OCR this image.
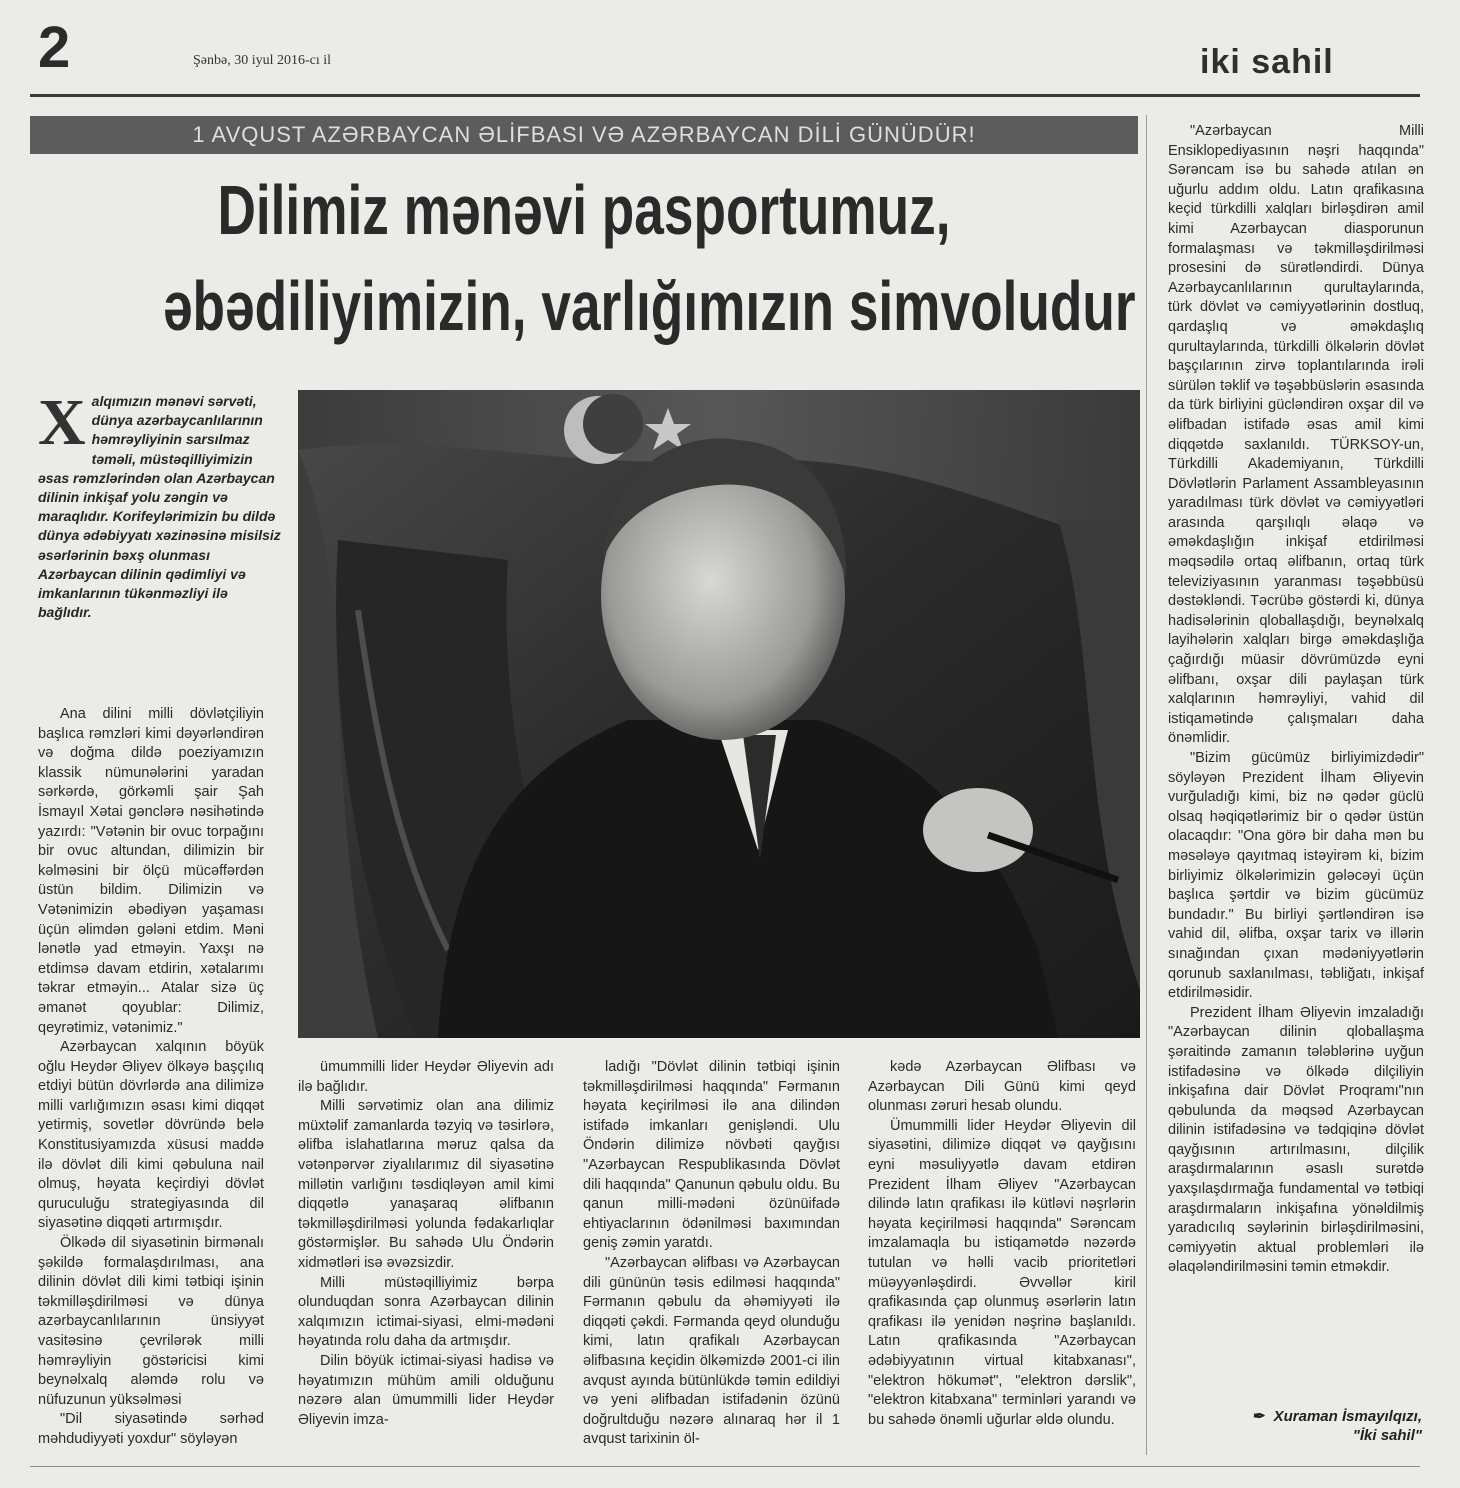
2	Şənbə, 30 iyul 2016-cı il	iki sahil
1 AVQUST AZƏRBAYCAN ƏLİFBASI VƏ AZƏRBAYCAN DİLİ GÜNÜDÜR!
Dilimiz mənəvi pasportumuz,
əbədiliyimizin, varlığımızın simvoludur
Xalqımızın mənəvi sərvəti, dünya azərbaycanlılarının həmrəyliyinin sarsılmaz təməli, müstəqilliyimizin əsas rəmzlərindən olan Azərbaycan dilinin inkişaf yolu zəngin və maraqlıdır. Korifeylərimizin bu dildə dünya ədəbiyyatı xəzinəsinə misilsiz əsərlərinin bəxş olunması Azərbaycan dilinin qədimliyi və imkanlarının tükənməzliyi ilə bağlıdır.

Ana dilini milli dövlətçiliyin başlıca rəmzləri kimi dəyərləndirən və doğma dildə poeziyamızın klassik nümunələrini yaradan sərkərdə, görkəmli şair Şah İsmayıl Xətai gənclərə nəsihətində yazırdı: "Vətənin bir ovuc torpağını bir ovuc altundan, dilimizin bir kəlməsini bir ölçü mücəffərdən üstün bildim. Dilimizin və Vətənimizin əbədiyən yaşaması üçün əlimdən gələni etdim. Məni lənətlə yad etməyin. Yaxşı nə etdimsə davam etdirin, xətalarımı təkrar etməyin... Atalar sizə üç əmanət qoyublar: Dilimiz, qeyrətimiz, vətənimiz."

Azərbaycan xalqının böyük oğlu Heydər Əliyev ölkəyə başçılıq etdiyi bütün dövrlərdə ana dilimizə milli varlığımızın əsası kimi diqqət yetirmiş, sovetlər dövründə belə Konstitusiyamızda xüsusi maddə ilə dövlət dili kimi qəbuluna nail olmuş, həyata keçirdiyi dövlət quruculuğu strategiyasında dil siyasətinə diqqəti artırmışdır.

Ölkədə dil siyasətinin birmənalı şəkildə formalaşdırılması, ana dilinin dövlət dili kimi tətbiqi işinin təkmilləşdirilməsi və dünya azərbaycanlılarının ünsiyyət vasitəsinə çevrilərək milli həmrəyliyin göstəricisi kimi beynəlxalq aləmdə rolu və nüfuzunun yüksəlməsi

"Dil siyasətində sərhəd məhdudiyyəti yoxdur" söyləyən

ümummilli lider Heydər Əliyevin adı ilə bağlıdır.

Milli sərvətimiz olan ana dilimiz müxtəlif zamanlarda təzyiq və təsirlərə, əlifba islahatlarına məruz qalsa da vətənpərvər ziyalılarımız dil siyasətinə millətin varlığını təsdiqləyən amil kimi diqqətlə yanaşaraq əlifbanın təkmilləşdirilməsi yolunda fədakarlıqlar göstərmişlər. Bu sahədə Ulu Öndərin xidmətləri isə əvəzsizdir.

Milli müstəqilliyimiz bərpa olunduqdan sonra Azərbaycan dilinin xalqımızın ictimai-siyasi, elmi-mədəni həyatında rolu daha da artmışdır.

Dilin böyük ictimai-siyasi hadisə və həyatımızın mühüm amili olduğunu nəzərə alan ümummilli lider Heydər Əliyevin imza-

ladığı "Dövlət dilinin tətbiqi işinin təkmilləşdirilməsi haqqında" Fərmanın həyata keçirilməsi ilə ana dilindən istifadə imkanları genişləndi. Ulu Öndərin dilimizə növbəti qayğısı "Azərbaycan Respublikasında Dövlət dili haqqında" Qanunun qəbulu oldu. Bu qanun milli-mədəni özünüifadə ehtiyaclarının ödənilməsi baxımından geniş zəmin yaratdı.

"Azərbaycan əlifbası və Azərbaycan dili gününün təsis edilməsi haqqında" Fərmanın qəbulu da əhəmiyyəti ilə diqqəti çəkdi. Fərmanda qeyd olunduğu kimi, latın qrafikalı Azərbaycan əlifbasına keçidin ölkəmizdə 2001-ci ilin avqust ayında bütünlükdə təmin edildiyi və yeni əlifbadan istifadənin özünü doğrultduğu nəzərə alınaraq hər il 1 avqust tarixinin öl-

kədə Azərbaycan Əlifbası və Azərbaycan Dili Günü kimi qeyd olunması zəruri hesab olundu.

Ümummilli lider Heydər Əliyevin dil siyasətini, dilimizə diqqət və qayğısını eyni məsuliyyətlə davam etdirən Prezident İlham Əliyev "Azərbaycan dilində latın qrafikası ilə kütləvi nəşrlərin həyata keçirilməsi haqqında" Sərəncam imzalamaqla bu istiqamətdə nəzərdə tutulan və həlli vacib prioritetləri müəyyənləşdirdi. Əvvəllər kiril qrafikasında çap olunmuş əsərlərin latın qrafikası ilə yenidən nəşrinə başlanıldı. Latın qrafikasında "Azərbaycan ədəbiyyatının virtual kitabxanası", "elektron hökumət", "elektron dərslik", "elektron kitabxana" terminləri yarandı və bu sahədə önəmli uğurlar əldə olundu.

"Azərbaycan Milli Ensiklopediyasının nəşri haqqında" Sərəncam isə bu sahədə atılan ən uğurlu addım oldu. Latın qrafikasına keçid türkdilli xalqları birləşdirən amil kimi Azərbaycan diasporunun formalaşması və təkmilləşdirilməsi prosesini də sürətləndirdi. Dünya Azərbaycanlılarının qurultaylarında, türk dövlət və cəmiyyətlərinin dostluq, qardaşlıq və əməkdaşlıq qurultaylarında, türkdilli ölkələrin dövlət başçılarının zirvə toplantılarında irəli sürülən təklif və təşəbbüslərin əsasında da türk birliyini gücləndirən oxşar dil və əlifbadan istifadə əsas amil kimi diqqətdə saxlanıldı. TÜRKSOY-un, Türkdilli Akademiyanın, Türkdilli Dövlətlərin Parlament Assambleyasının yaradılması türk dövlət və cəmiyyətləri arasında qarşılıqlı əlaqə və əməkdaşlığın inkişaf etdirilməsi məqsədilə ortaq əlifbanın, ortaq türk televiziyasının yaranması təşəbbüsü dəstəkləndi. Təcrübə göstərdi ki, dünya hadisələrinin qloballaşdığı, beynəlxalq layihələrin xalqları birgə əməkdaşlığa çağırdığı müasir dövrümüzdə eyni əlifbanı, oxşar dili paylaşan türk xalqlarının həmrəyliyi, vahid dil istiqamətində çalışmaları daha önəmlidir.

"Bizim gücümüz birliyimizdədir" söyləyən Prezident İlham Əliyevin vurğuladığı kimi, biz nə qədər güclü olsaq həqiqətlərimiz bir o qədər üstün olacaqdır: "Ona görə bir daha mən bu məsələyə qayıtmaq istəyirəm ki, bizim birliyimiz ölkələrimizin gələcəyi üçün başlıca şərtdir və bizim gücümüz bundadır." Bu birliyi şərtləndirən isə vahid dil, əlifba, oxşar tarix və illərin sınağından çıxan mədəniyyətlərin qorunub saxlanılması, təbliğatı, inkişaf etdirilməsidir.

Prezident İlham Əliyevin imzaladığı "Azərbaycan dilinin qloballaşma şəraitində zamanın tələblərinə uyğun istifadəsinə və ölkədə dilçiliyin inkişafına dair Dövlət Proqramı"nın qəbulunda da məqsəd Azərbaycan dilinin istifadəsinə və tədqiqinə dövlət qayğısının artırılmasını, dilçilik araşdırmalarının əsaslı surətdə yaxşılaşdırmağa fundamental və tətbiqi araşdırmaların inkişafına yönəldilmiş yaradıcılıq səylərinin birləşdirilməsini, cəmiyyətin aktual problemləri ilə əlaqələndirilməsini təmin etməkdir.

✒ Xuraman İsmayılqızı,
"İki sahil"
